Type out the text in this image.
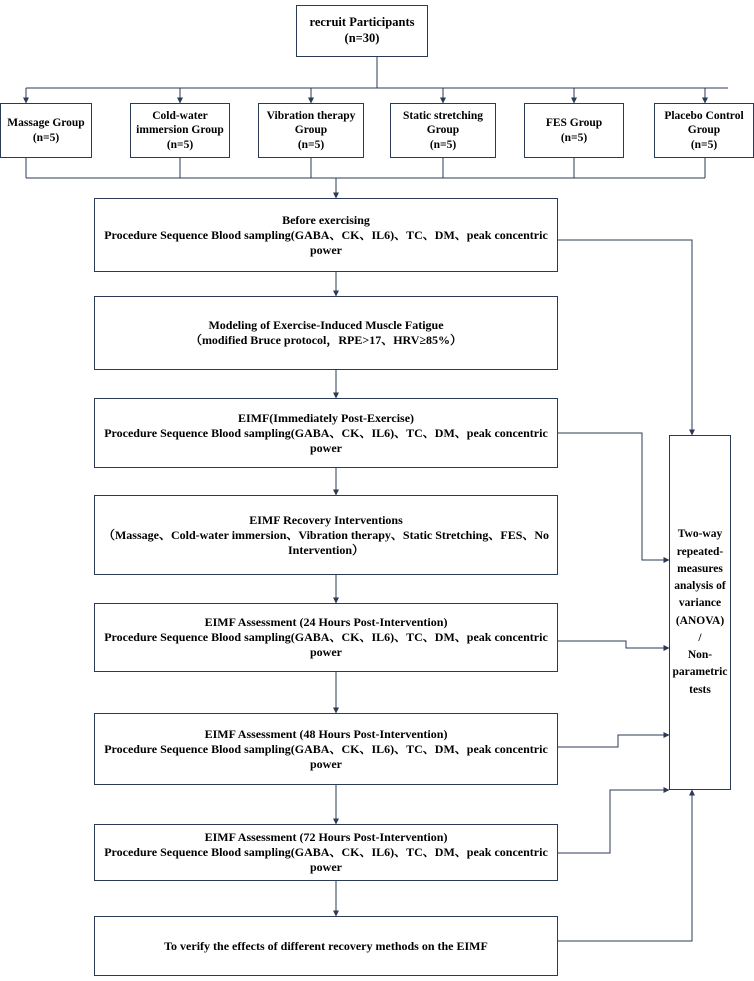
recruit Participants
(n=30)
Massage Group
(n=5)
Cold-water
immersion Group
(n=5)
Vibration therapy
Group
(n=5)
Static stretching
Group
(n=5)
FES Group
(n=5)
Placebo Control
Group
(n=5)
Before exercising
Procedure Sequence Blood sampling(GABA、CK、IL6)、TC、DM、peak concentric power
Modeling of Exercise-Induced Muscle Fatigue
（modified Bruce protocol，RPE>17、HRV≥85%）
EIMF(Immediately Post-Exercise)
Procedure Sequence Blood sampling(GABA、CK、IL6)、TC、DM、peak concentric power
EIMF Recovery Interventions
（Massage、Cold-water immersion、Vibration therapy、Static Stretching、FES、No
Intervention）
EIMF Assessment (24 Hours Post-Intervention)
Procedure Sequence Blood sampling(GABA、CK、IL6)、TC、DM、peak concentric power
EIMF Assessment (48 Hours Post-Intervention)
Procedure Sequence Blood sampling(GABA、CK、IL6)、TC、DM、peak concentric power
EIMF Assessment (72 Hours Post-Intervention)
Procedure Sequence Blood sampling(GABA、CK、IL6)、TC、DM、peak concentric power
To verify the effects of different recovery methods on the EIMF
Two-way
repeated-
measures
analysis of
variance
(ANOVA)
/
Non-
parametric
tests
